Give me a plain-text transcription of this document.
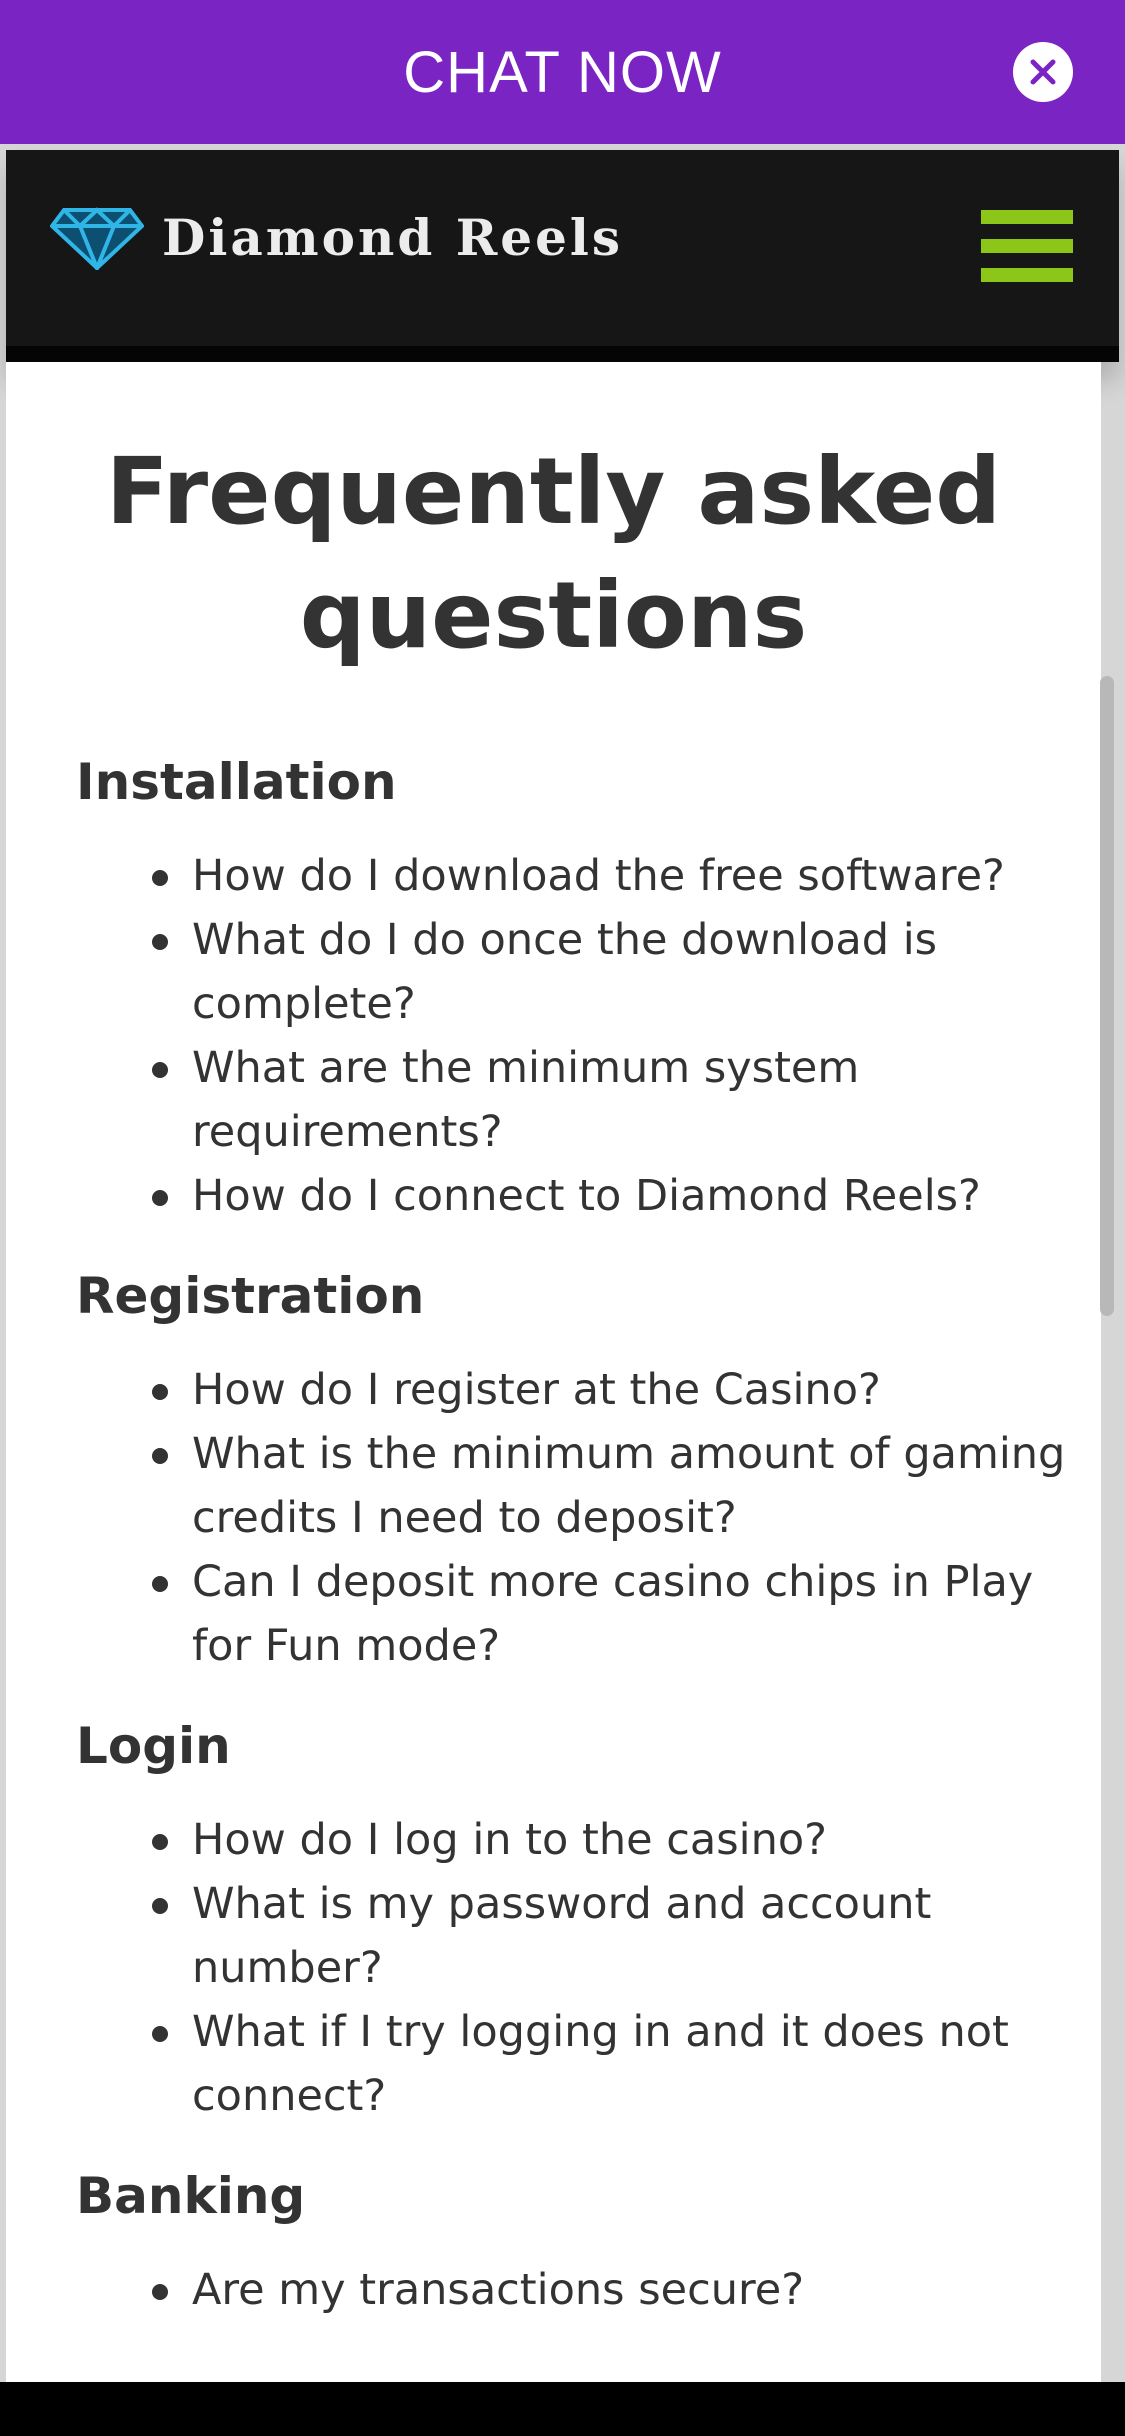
CHAT NOW
Diamond Reels
Frequently asked questions
Installation
How do I download the free software?
What do I do once the download is complete?
What are the minimum system requirements?
How do I connect to Diamond Reels?
Registration
How do I register at the Casino?
What is the minimum amount of gaming credits I need to deposit?
Can I deposit more casino chips in Play for Fun mode?
Login
How do I log in to the casino?
What is my password and account number?
What if I try logging in and it does not connect?
Banking
Are my transactions secure?
